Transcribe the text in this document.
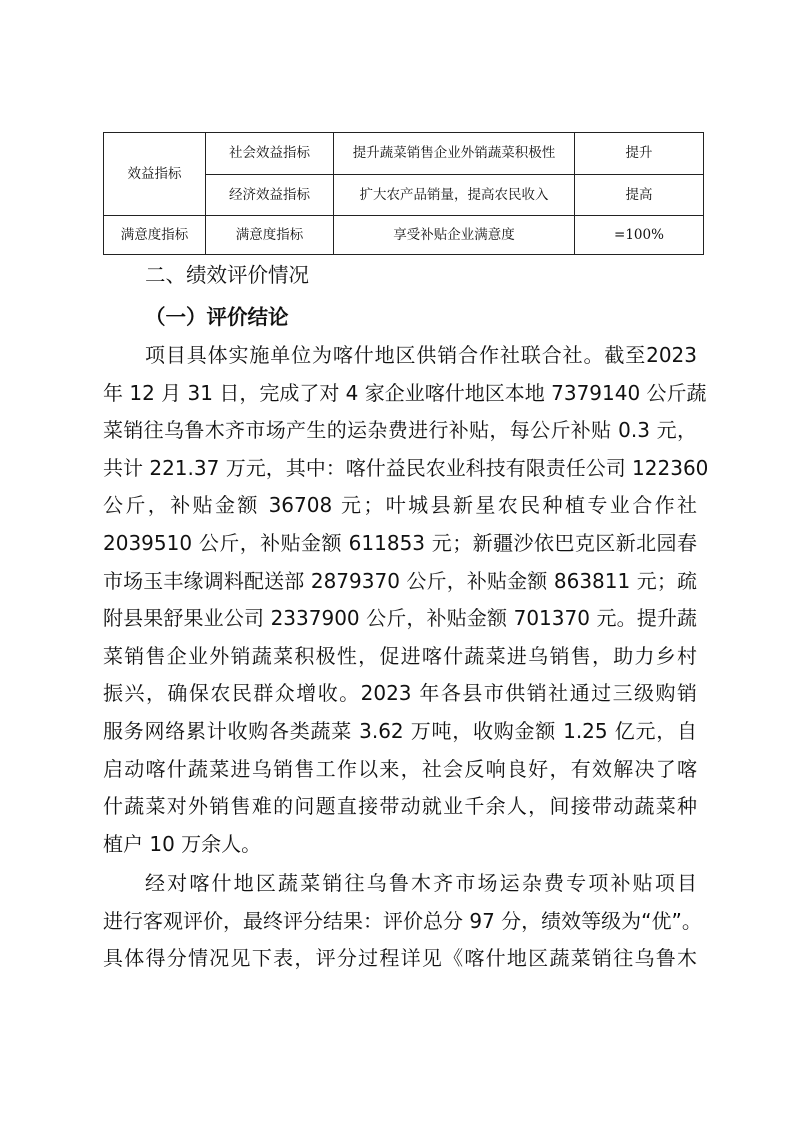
效益指标	社会效益指标	提升蔬菜销售企业外销蔬菜积极性	提升
	经济效益指标	扩大农产品销量，提高农民收入	提高
满意度指标	满意度指标	享受补贴企业满意度	=100%
二、绩效评价情况
（一）评价结论
项目具体实施单位为喀什地区供销合作社联合社。截至2023
年 12 月 31 日，完成了对 4 家企业喀什地区本地 7379140 公斤蔬
菜销往乌鲁木齐市场产生的运杂费进行补贴，每公斤补贴 0.3 元，
共计 221.37 万元，其中：喀什益民农业科技有限责任公司 122360
公斤，补贴金额 36708 元；叶城县新星农民种植专业合作社
2039510 公斤，补贴金额 611853 元；新疆沙依巴克区新北园春
市场玉丰缘调料配送部 2879370 公斤，补贴金额 863811 元；疏
附县果舒果业公司 2337900 公斤，补贴金额 701370 元。提升蔬
菜销售企业外销蔬菜积极性，促进喀什蔬菜进乌销售，助力乡村
振兴，确保农民群众增收。2023 年各县市供销社通过三级购销
服务网络累计收购各类蔬菜 3.62 万吨，收购金额 1.25 亿元，自
启动喀什蔬菜进乌销售工作以来，社会反响良好，有效解决了喀
什蔬菜对外销售难的问题直接带动就业千余人，间接带动蔬菜种
植户 10 万余人。
经对喀什地区蔬菜销往乌鲁木齐市场运杂费专项补贴项目
进行客观评价，最终评分结果：评价总分 97 分，绩效等级为“优”。
具体得分情况见下表，评分过程详见《喀什地区蔬菜销往乌鲁木
